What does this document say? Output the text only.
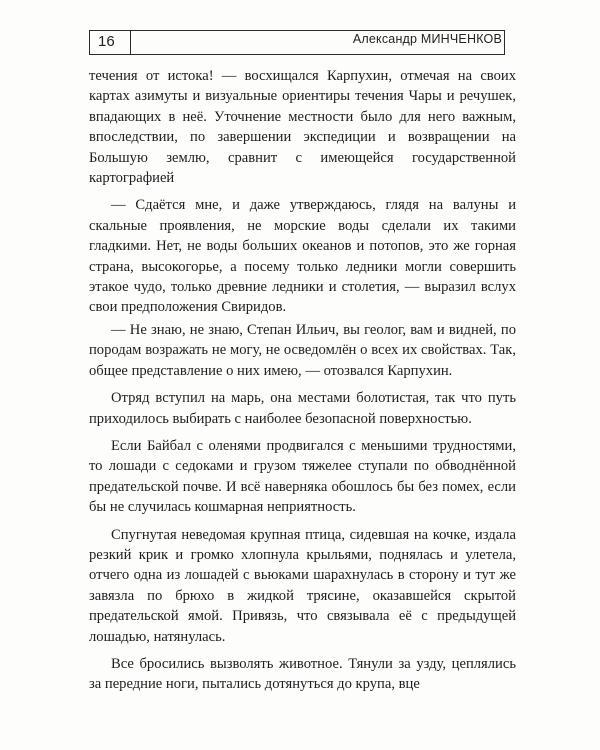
16	Александр МИНЧЕНКОВ

течения от истока! — восхищался Карпухин, отмечая на своих картах азимуты и визуальные ориентиры течения Чары и речушек, впадающих в неё. Уточнение местности было для него важным, впоследствии, по завершении экспедиции и возвращении на Большую землю, сравнит с имеющейся государственной картографией

— Сдаётся мне, и даже утверждаюсь, глядя на валуны и скальные проявления, не морские воды сделали их такими гладкими. Нет, не воды больших океанов и потопов, это же горная страна, высокогорье, а посему только ледники могли совершить этакое чудо, только древние ледники и столетия, — выразил вслух свои предположения Свиридов.

— Не знаю, не знаю, Степан Ильич, вы геолог, вам и видней, по породам возражать не могу, не осведомлён о всех их свойствах. Так, общее представление о них имею, — отозвался Карпухин.

Отряд вступил на марь, она местами болотистая, так что путь приходилось выбирать с наиболее безопасной поверхностью.

Если Байбал с оленями продвигался с меньшими трудностями, то лошади с седоками и грузом тяжелее ступали по обводнённой предательской почве. И всё наверняка обошлось бы без помех, если бы не случилась кошмарная неприятность.

Спугнутая неведомая крупная птица, сидевшая на кочке, издала резкий крик и громко хлопнула крыльями, поднялась и улетела, отчего одна из лошадей с вьюками шарахнулась в сторону и тут же завязла по брюхо в жидкой трясине, оказавшейся скрытой предательской ямой. Привязь, что связывала её с предыдущей лошадью, натянулась.

Все бросились вызволять животное. Тянули за узду, цеплялись за передние ноги, пытались дотянуться до крупа, вце
